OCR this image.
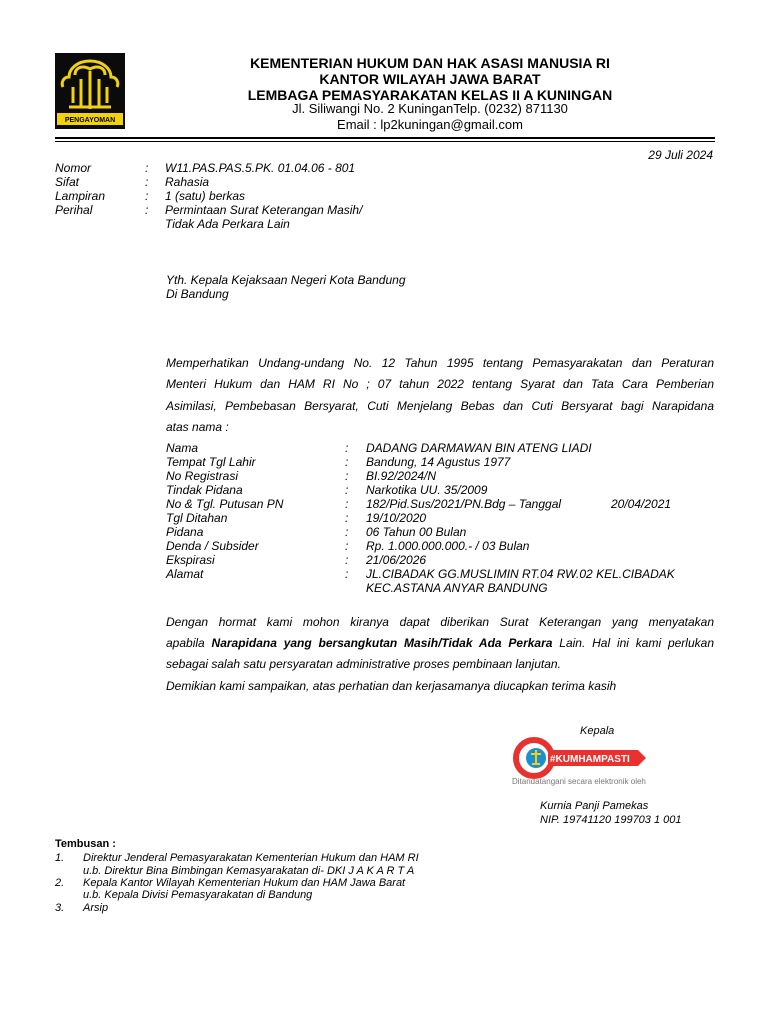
PENGAYOMAN
KEMENTERIAN HUKUM DAN HAK ASASI MANUSIA RI
KANTOR WILAYAH JAWA BARAT
LEMBAGA PEMASYARAKATAN KELAS II A KUNINGAN
Jl. Siliwangi No. 2 KuninganTelp. (0232) 871130
Email : lp2kuningan@gmail.com
29 Juli 2024
Nomor	: W11.PAS.PAS.5.PK. 01.04.06 - 801
Sifat	: Rahasia
Lampiran	: 1 (satu) berkas
Perihal	: Permintaan Surat Keterangan Masih/
Tidak Ada Perkara Lain
Yth. Kepala Kejaksaan Negeri Kota Bandung
Di Bandung
Memperhatikan Undang-undang No. 12 Tahun 1995 tentang Pemasyarakatan dan Peraturan
Menteri Hukum dan HAM RI No ; 07 tahun 2022 tentang Syarat dan Tata Cara Pemberian
Asimilasi, Pembebasan Bersyarat, Cuti Menjelang Bebas dan Cuti Bersyarat bagi Narapidana
atas nama :
Nama	: DADANG DARMAWAN BIN ATENG LIADI
Tempat Tgl Lahir	: Bandung, 14 Agustus 1977
No Registrasi	: BI.92/2024/N
Tindak Pidana	: Narkotika UU. 35/2009
No & Tgl. Putusan PN	: 182/Pid.Sus/2021/PN.Bdg – Tanggal	20/04/2021
Tgl Ditahan	: 19/10/2020
Pidana	: 06 Tahun 00 Bulan
Denda / Subsider	: Rp. 1.000.000.000.- / 03 Bulan
Ekspirasi	: 21/06/2026
Alamat	: JL.CIBADAK GG.MUSLIMIN RT.04 RW.02 KEL.CIBADAK
KEC.ASTANA ANYAR BANDUNG
Dengan hormat kami mohon kiranya dapat diberikan Surat Keterangan yang menyatakan
apabila Narapidana yang bersangkutan Masih/Tidak Ada Perkara Lain. Hal ini kami perlukan
sebagai salah satu persyaratan administrative proses pembinaan lanjutan.
Demikian kami sampaikan, atas perhatian dan kerjasamanya diucapkan terima kasih
Kepala
#KUMHAMPASTI
Ditandatangani secara elektronik oleh
Kurnia Panji Pamekas
NIP. 19741120 199703 1 001
Tembusan :
1. Direktur Jenderal Pemasyarakatan Kementerian Hukum dan HAM RI
u.b. Direktur Bina Bimbingan Kemasyarakatan di- DKI J A K A R T A
2. Kepala Kantor Wilayah Kementerian Hukum dan HAM Jawa Barat
u.b. Kepala Divisi Pemasyarakatan di Bandung
3. Arsip
